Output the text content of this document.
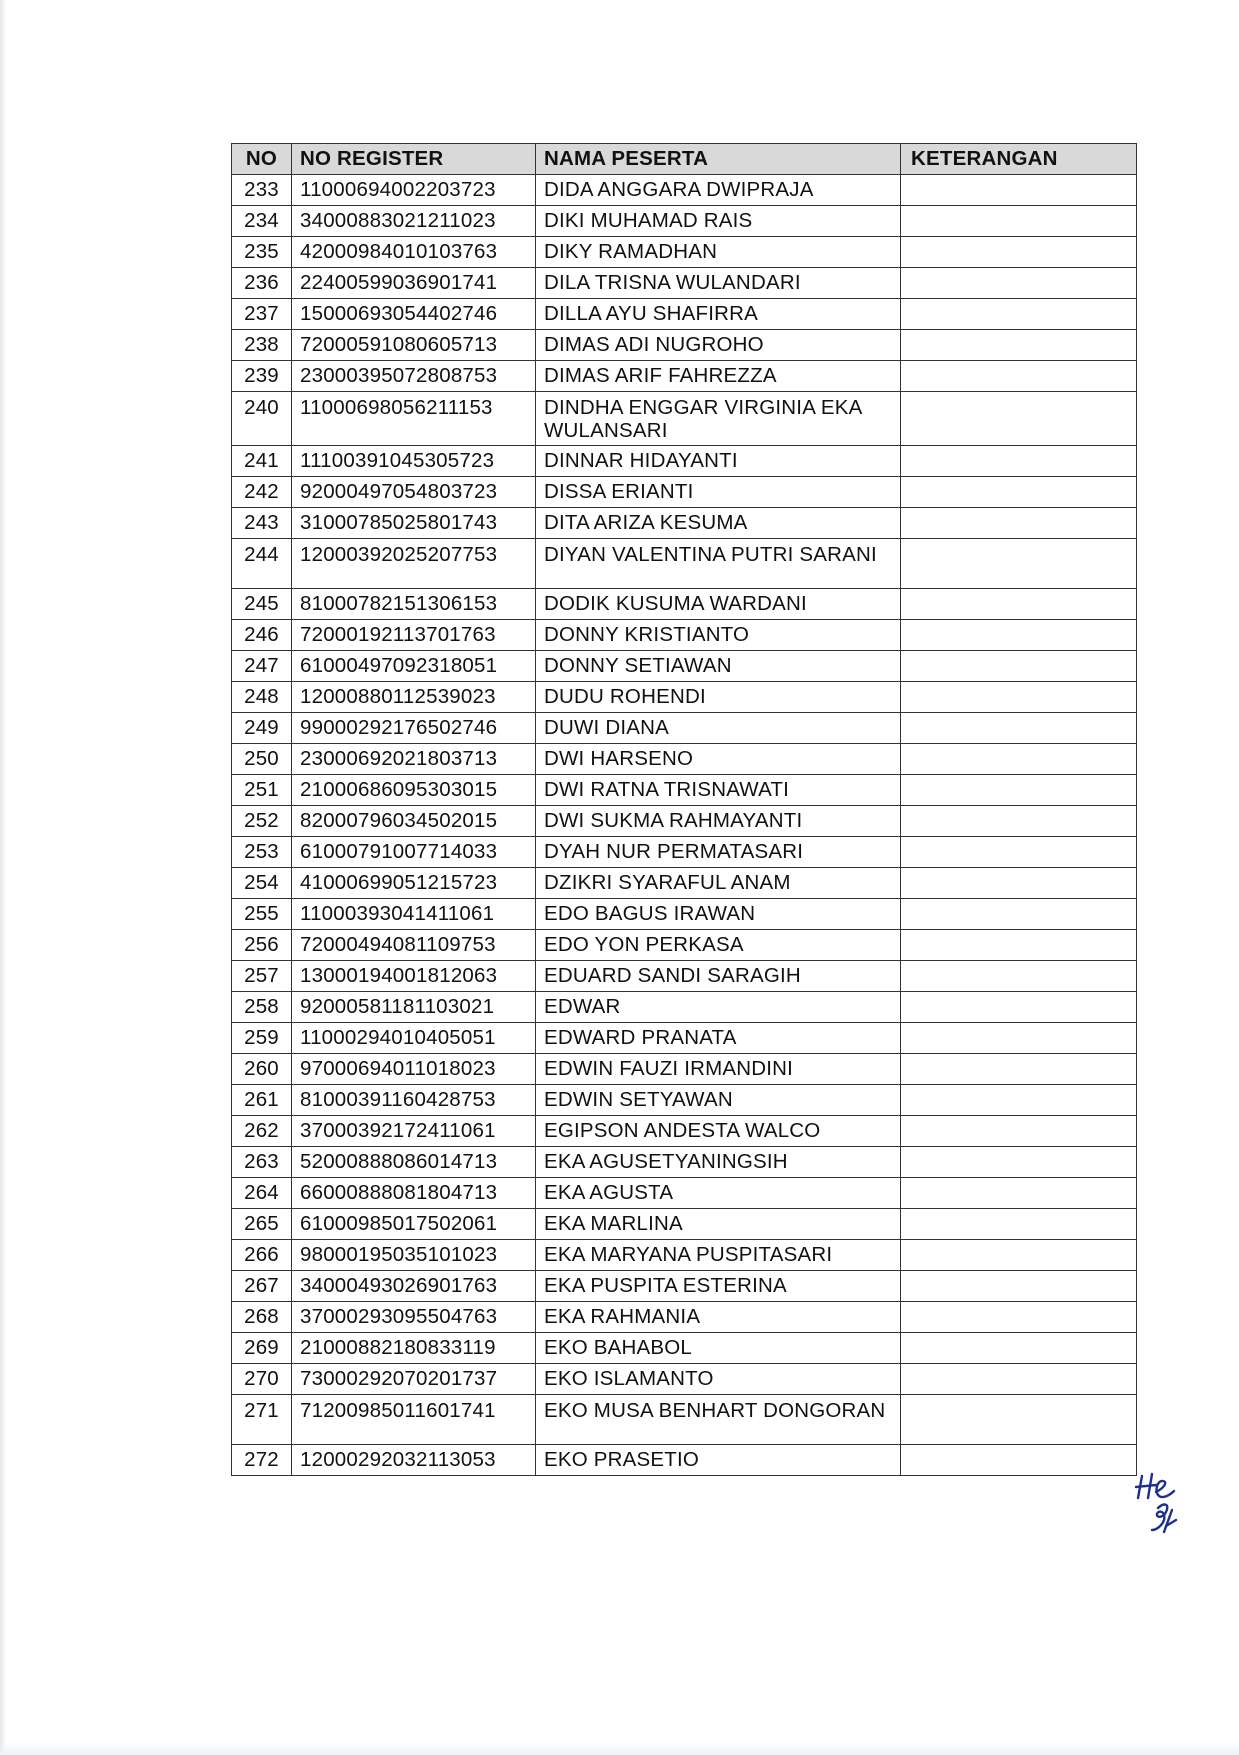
NO	NO REGISTER	NAMA PESERTA	KETERANGAN
233	11000694002203723	DIDA ANGGARA DWIPRAJA	
234	34000883021211023	DIKI MUHAMAD RAIS	
235	42000984010103763	DIKY RAMADHAN	
236	22400599036901741	DILA TRISNA WULANDARI	
237	15000693054402746	DILLA AYU SHAFIRRA	
238	72000591080605713	DIMAS ADI NUGROHO	
239	23000395072808753	DIMAS ARIF FAHREZZA	
240	11000698056211153	DINDHA ENGGAR VIRGINIA EKA WULANSARI	
241	11100391045305723	DINNAR HIDAYANTI	
242	92000497054803723	DISSA ERIANTI	
243	31000785025801743	DITA ARIZA KESUMA	
244	12000392025207753	DIYAN VALENTINA PUTRI SARANI	
245	81000782151306153	DODIK KUSUMA WARDANI	
246	72000192113701763	DONNY KRISTIANTO	
247	61000497092318051	DONNY SETIAWAN	
248	12000880112539023	DUDU ROHENDI	
249	99000292176502746	DUWI DIANA	
250	23000692021803713	DWI HARSENO	
251	21000686095303015	DWI RATNA TRISNAWATI	
252	82000796034502015	DWI SUKMA RAHMAYANTI	
253	61000791007714033	DYAH NUR PERMATASARI	
254	41000699051215723	DZIKRI SYARAFUL ANAM	
255	11000393041411061	EDO BAGUS IRAWAN	
256	72000494081109753	EDO YON PERKASA	
257	13000194001812063	EDUARD SANDI SARAGIH	
258	92000581181103021	EDWAR	
259	11000294010405051	EDWARD PRANATA	
260	97000694011018023	EDWIN FAUZI IRMANDINI	
261	81000391160428753	EDWIN SETYAWAN	
262	37000392172411061	EGIPSON ANDESTA WALCO	
263	52000888086014713	EKA AGUSETYANINGSIH	
264	66000888081804713	EKA AGUSTA	
265	61000985017502061	EKA MARLINA	
266	98000195035101023	EKA MARYANA PUSPITASARI	
267	34000493026901763	EKA PUSPITA ESTERINA	
268	37000293095504763	EKA RAHMANIA	
269	21000882180833119	EKO BAHABOL	
270	73000292070201737	EKO ISLAMANTO	
271	71200985011601741	EKO MUSA BENHART DONGORAN	
272	12000292032113053	EKO PRASETIO	
